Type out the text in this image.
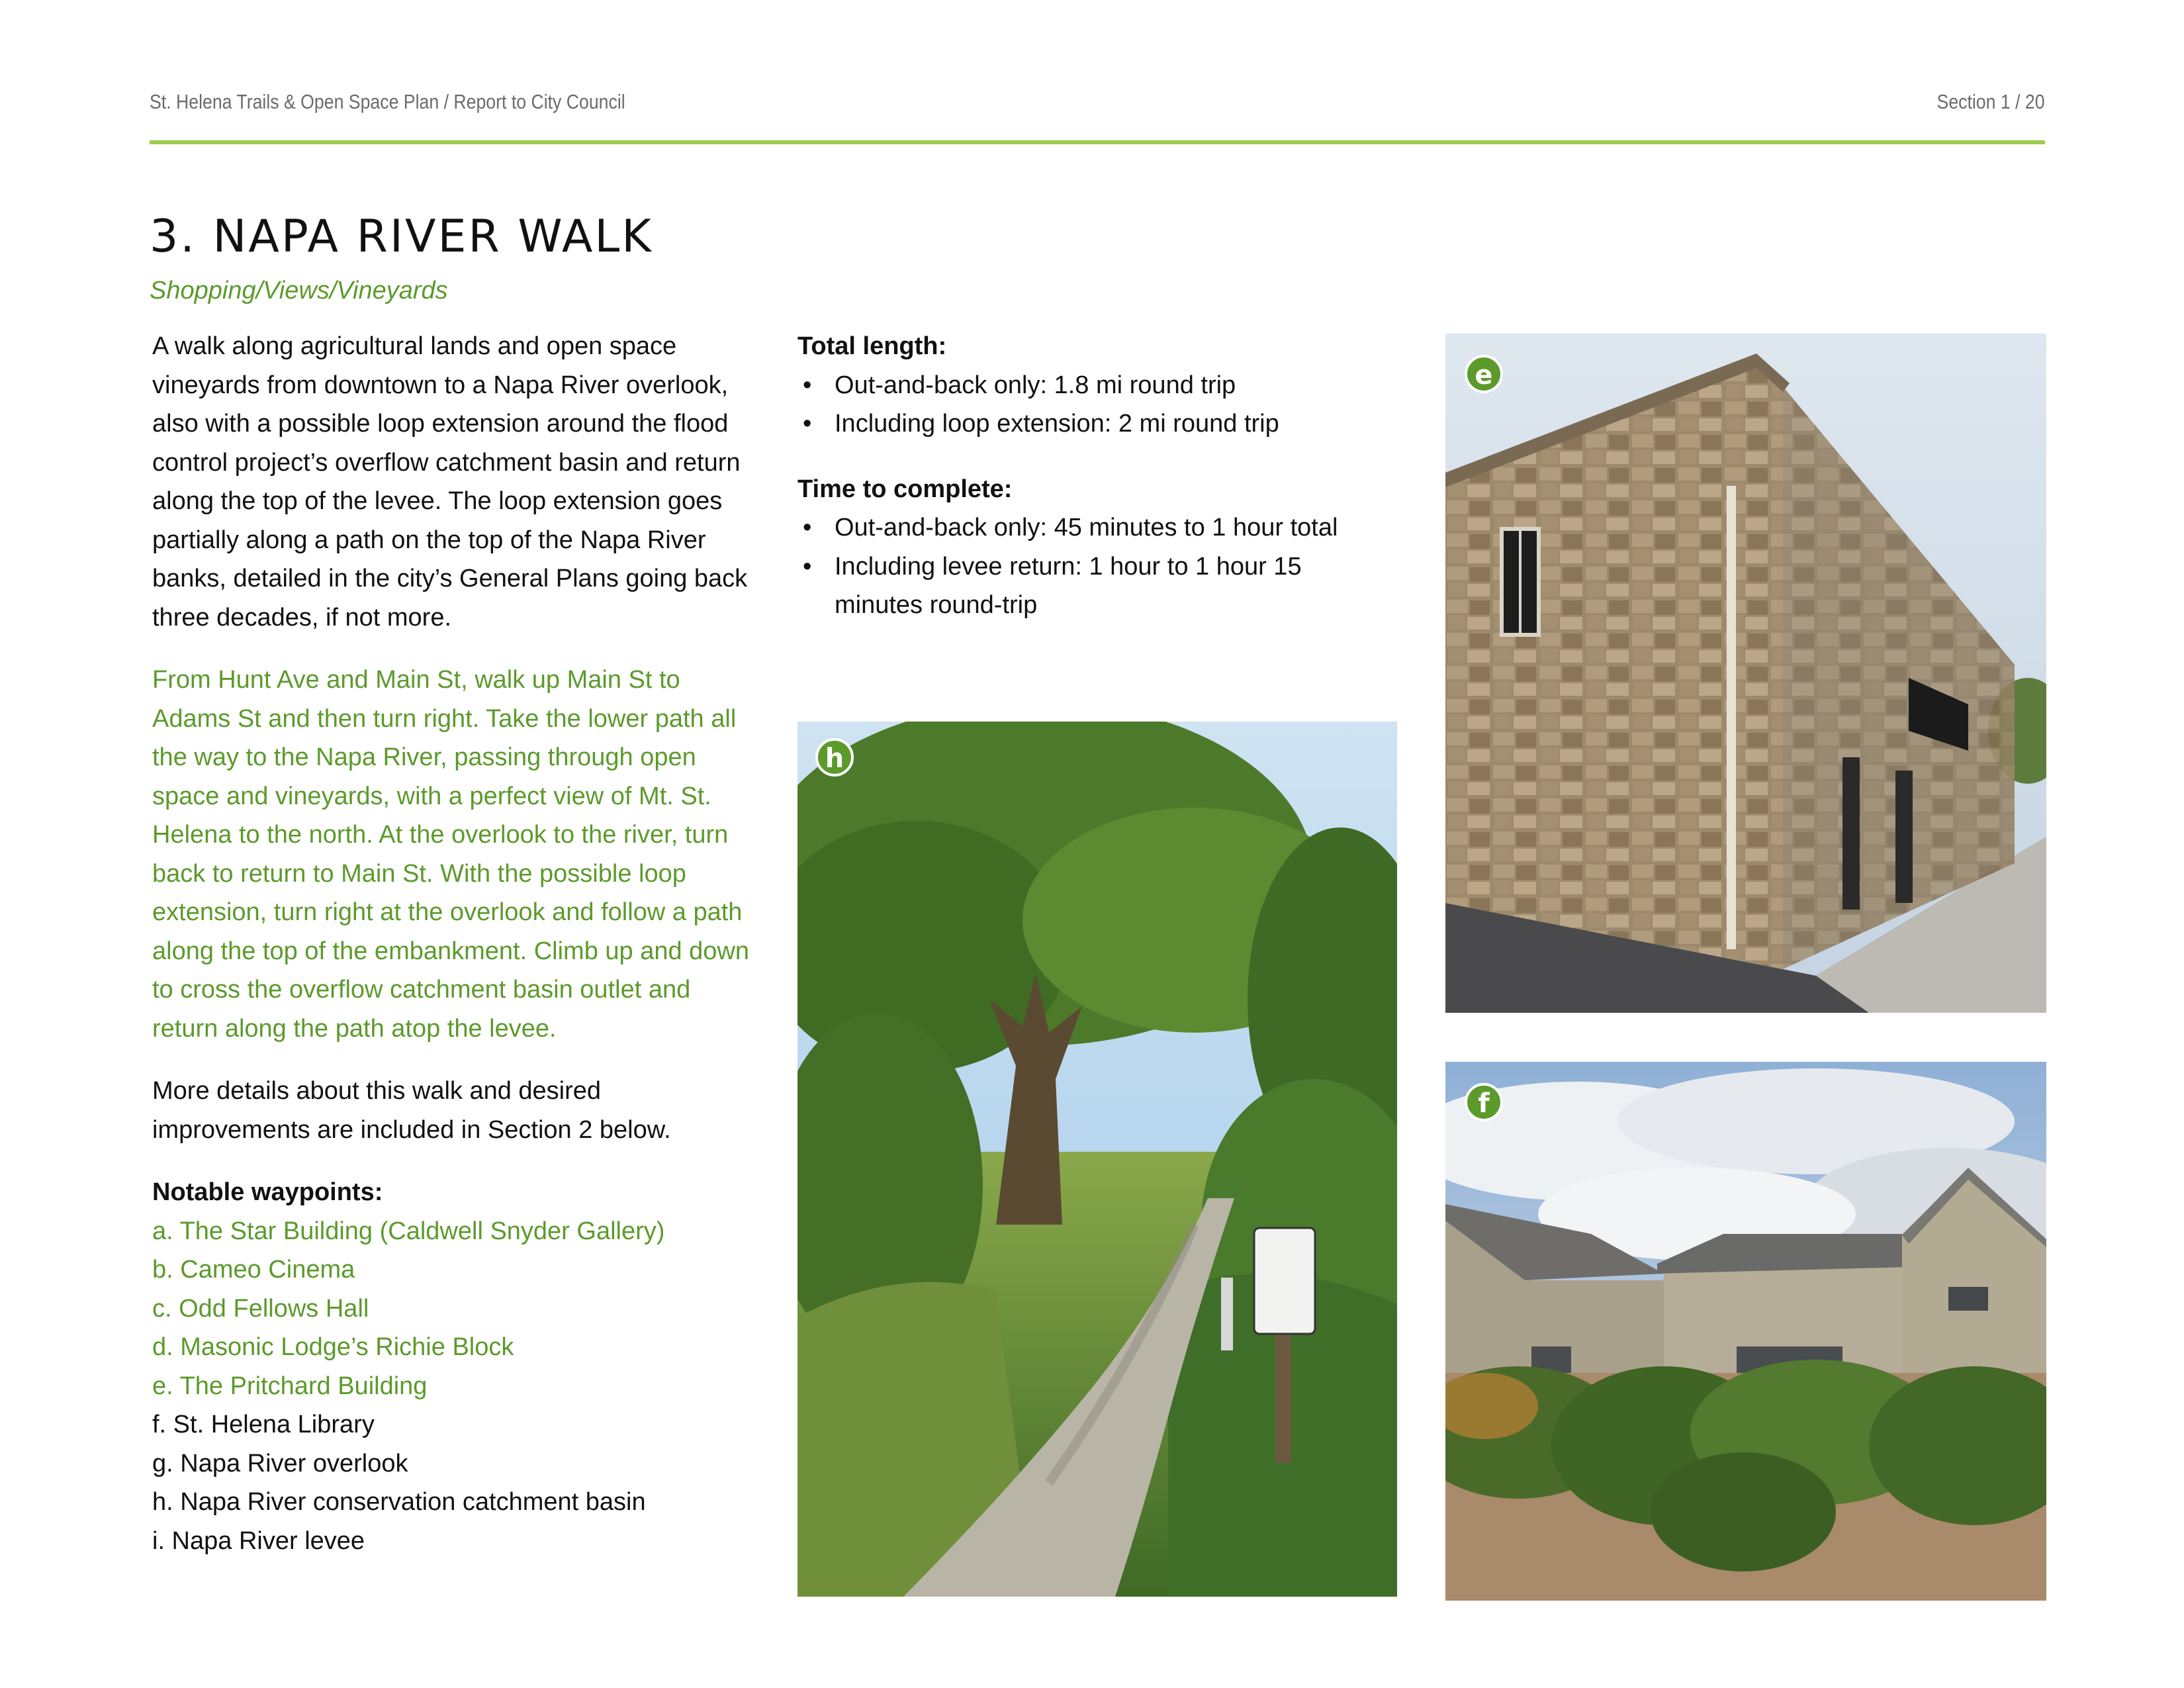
St. Helena Trails & Open Space Plan / Report to City Council	Section 1 / 20
3. NAPA RIVER WALK
Shopping/Views/Vineyards

A walk along agricultural lands and open space vineyards from downtown to a Napa River overlook, also with a possible loop extension around the flood control project’s overflow catchment basin and return along the top of the levee. The loop extension goes partially along a path on the top of the Napa River banks, detailed in the city’s General Plans going back three decades, if not more.

From Hunt Ave and Main St, walk up Main St to Adams St and then turn right. Take the lower path all the way to the Napa River, passing through open space and vineyards, with a perfect view of Mt. St. Helena to the north. At the overlook to the river, turn back to return to Main St. With the possible loop extension, turn right at the overlook and follow a path along the top of the embankment. Climb up and down to cross the overflow catchment basin outlet and return along the path atop the levee.

More details about this walk and desired improvements are included in Section 2 below.

Notable waypoints:
a. The Star Building (Caldwell Snyder Gallery)
b. Cameo Cinema
c. Odd Fellows Hall
d. Masonic Lodge’s Richie Block
e. The Pritchard Building
f. St. Helena Library
g. Napa River overlook
h. Napa River conservation catchment basin
i. Napa River levee
Total length:
• Out-and-back only: 1.8 mi round trip
• Including loop extension: 2 mi round trip
Time to complete:
• Out-and-back only: 45 minutes to 1 hour total
• Including levee return: 1 hour to 1 hour 15 minutes round-trip
h
e
f
